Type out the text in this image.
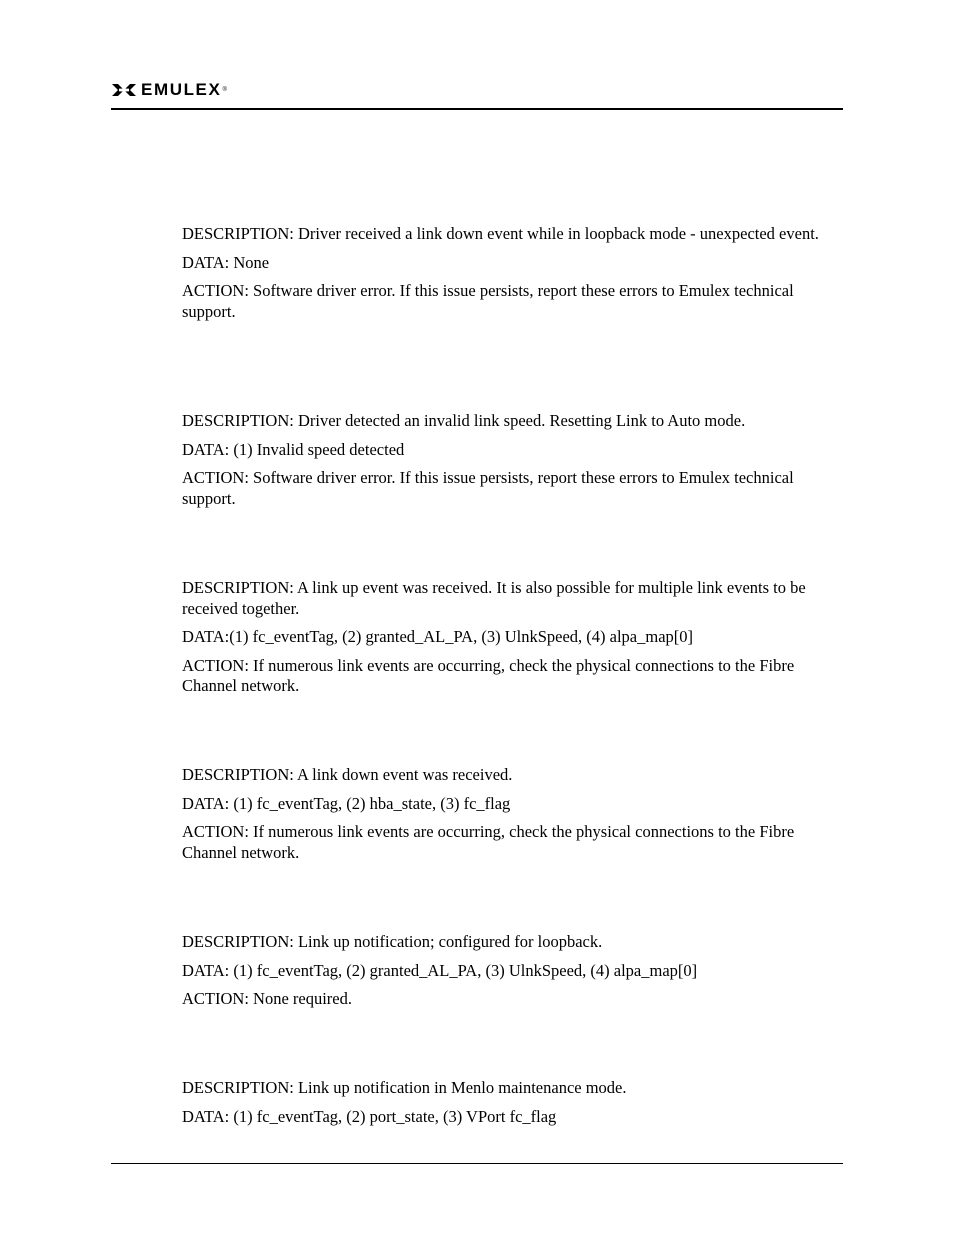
EMULEX ®

DESCRIPTION: Driver received a link down event while in loopback mode - unexpected event.

DATA: None

ACTION: Software driver error. If this issue persists, report these errors to Emulex technical support.

DESCRIPTION: Driver detected an invalid link speed. Resetting Link to Auto mode.

DATA: (1) Invalid speed detected

ACTION: Software driver error. If this issue persists, report these errors to Emulex technical support.

DESCRIPTION: A link up event was received. It is also possible for multiple link events to be received together.

DATA:(1) fc_eventTag, (2) granted_AL_PA, (3) UlnkSpeed, (4) alpa_map[0]

ACTION: If numerous link events are occurring, check the physical connections to the Fibre Channel network.

DESCRIPTION: A link down event was received.

DATA: (1) fc_eventTag, (2) hba_state, (3) fc_flag

ACTION: If numerous link events are occurring, check the physical connections to the Fibre Channel network.

DESCRIPTION: Link up notification; configured for loopback.

DATA: (1) fc_eventTag, (2) granted_AL_PA, (3) UlnkSpeed, (4) alpa_map[0]

ACTION: None required.

DESCRIPTION: Link up notification in Menlo maintenance mode.

DATA: (1) fc_eventTag, (2) port_state, (3) VPort fc_flag
